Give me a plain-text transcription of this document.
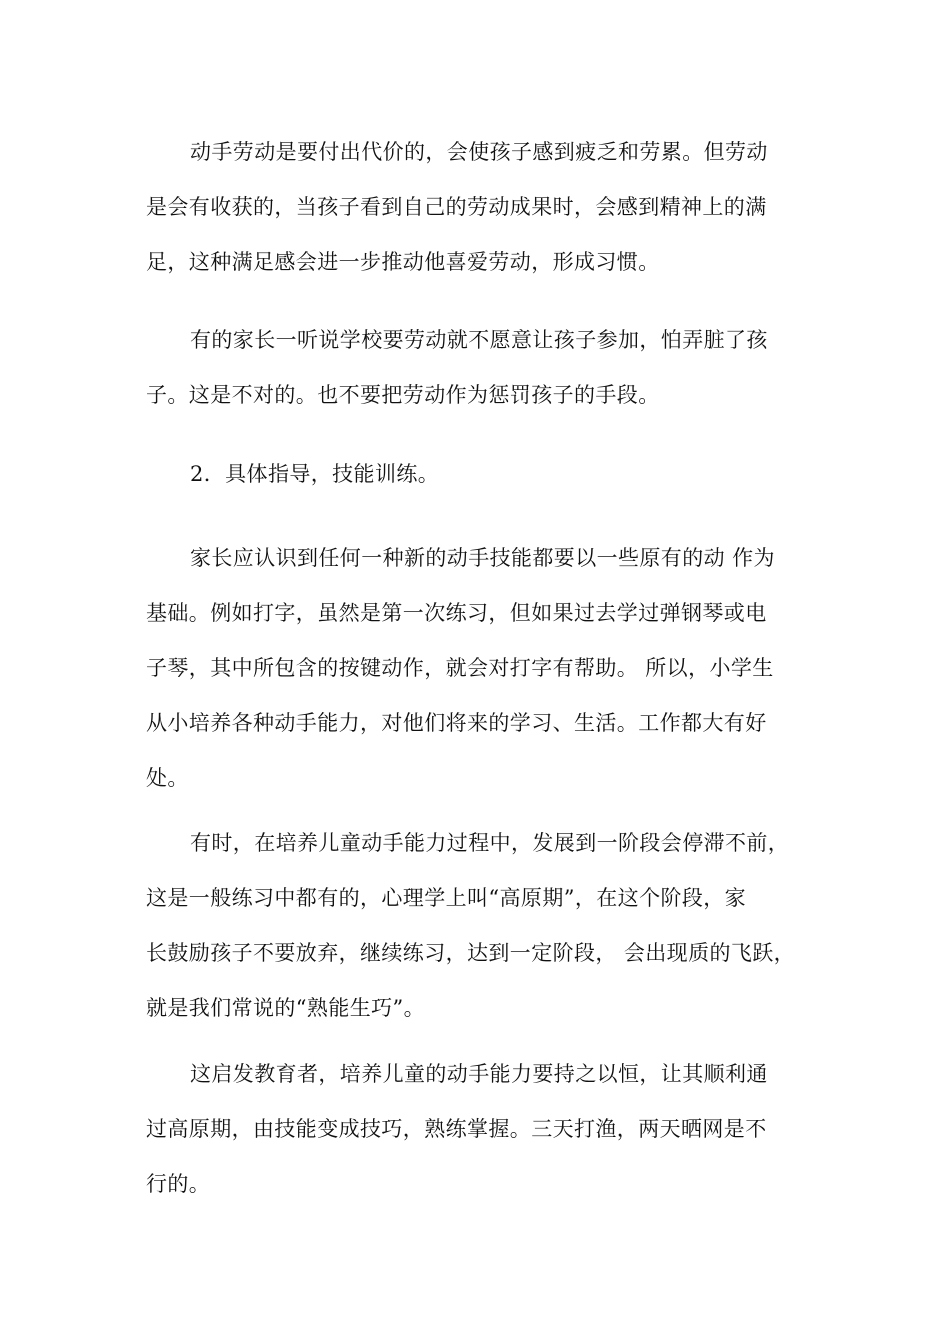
动手劳动是要付出代价的，会使孩子感到疲乏和劳累。但劳动
是会有收获的，当孩子看到自己的劳动成果时，会感到精神上的满
足，这种满足感会进一步推动他喜爱劳动，形成习惯。
有的家长一听说学校要劳动就不愿意让孩子参加，怕弄脏了孩
子。这是不对的。也不要把劳动作为惩罚孩子的手段。
2．具体指导，技能训练。
家长应认识到任何一种新的动手技能都要以一些原有的动 作为
基础。例如打字，虽然是第一次练习，但如果过去学过弹钢琴或电
子琴，其中所包含的按键动作，就会对打字有帮助。 所以，小学生
从小培养各种动手能力，对他们将来的学习、生活。工作都大有好
处。
有时，在培养儿童动手能力过程中，发展到一阶段会停滞不前，
这是一般练习中都有的，心理学上叫“高原期”，在这个阶段，家
长鼓励孩子不要放弃，继续练习，达到一定阶段， 会出现质的飞跃，
就是我们常说的“熟能生巧”。
这启发教育者，培养儿童的动手能力要持之以恒，让其顺利通
过高原期，由技能变成技巧，熟练掌握。三天打渔，两天晒网是不
行的。
